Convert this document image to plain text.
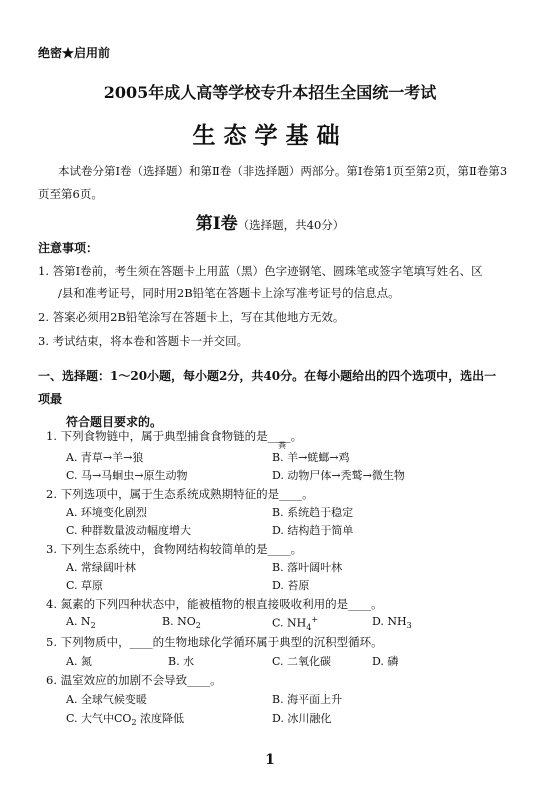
绝密★启用前
2005年成人高等学校专升本招生全国统一考试
生态学基础
本试卷分第Ⅰ卷（选择题）和第Ⅱ卷（非选择题）两部分。第Ⅰ卷第1页至第2页，第Ⅱ卷第3页至第6页。
第Ⅰ卷（选择题，共40分）
注意事项：
1. 答第Ⅰ卷前，考生须在答题卡上用蓝（黑）色字迹钢笔、圆珠笔或签字笔填写姓名、区
/县和准考证号，同时用2B铅笔在答题卡上涂写准考证号的信息点。
2. 答案必须用2B铅笔涂写在答题卡上，写在其他地方无效。
3. 考试结束，将本卷和答题卡一并交回。
一、选择题：1～20小题，每小题2分，共40分。在每小题给出的四个选项中，选出一项最
符合题目要求的。
1. 下列食物链中，属于典型捕食食物链的是____。
A. 青草→羊→狼
粪
B. 羊→蜣螂→鸡
C. 马→马蛔虫→原生动物	D. 动物尸体→秃鹫→微生物
2. 下列选项中，属于生态系统成熟期特征的是____。
A. 环境变化剧烈	B. 系统趋于稳定
C. 种群数量波动幅度增大	D. 结构趋于简单
3. 下列生态系统中，食物网结构较简单的是____。
A. 常绿阔叶林	B. 落叶阔叶林
C. 草原	D. 苔原
4. 氮素的下列四种状态中，能被植物的根直接吸收利用的是____。
A. $N_2$	B. $NO_2$	C. $NH_4^+$	D. $NH_3$
5. 下列物质中，____的生物地球化学循环属于典型的沉积型循环。
A. 氮	B. 水	C. 二氧化碳	D. 磷
6. 温室效应的加剧不会导致____。
A. 全球气候变暖	B. 海平面上升
C. 大气中$CO_2$ 浓度降低	D. 冰川融化
1
